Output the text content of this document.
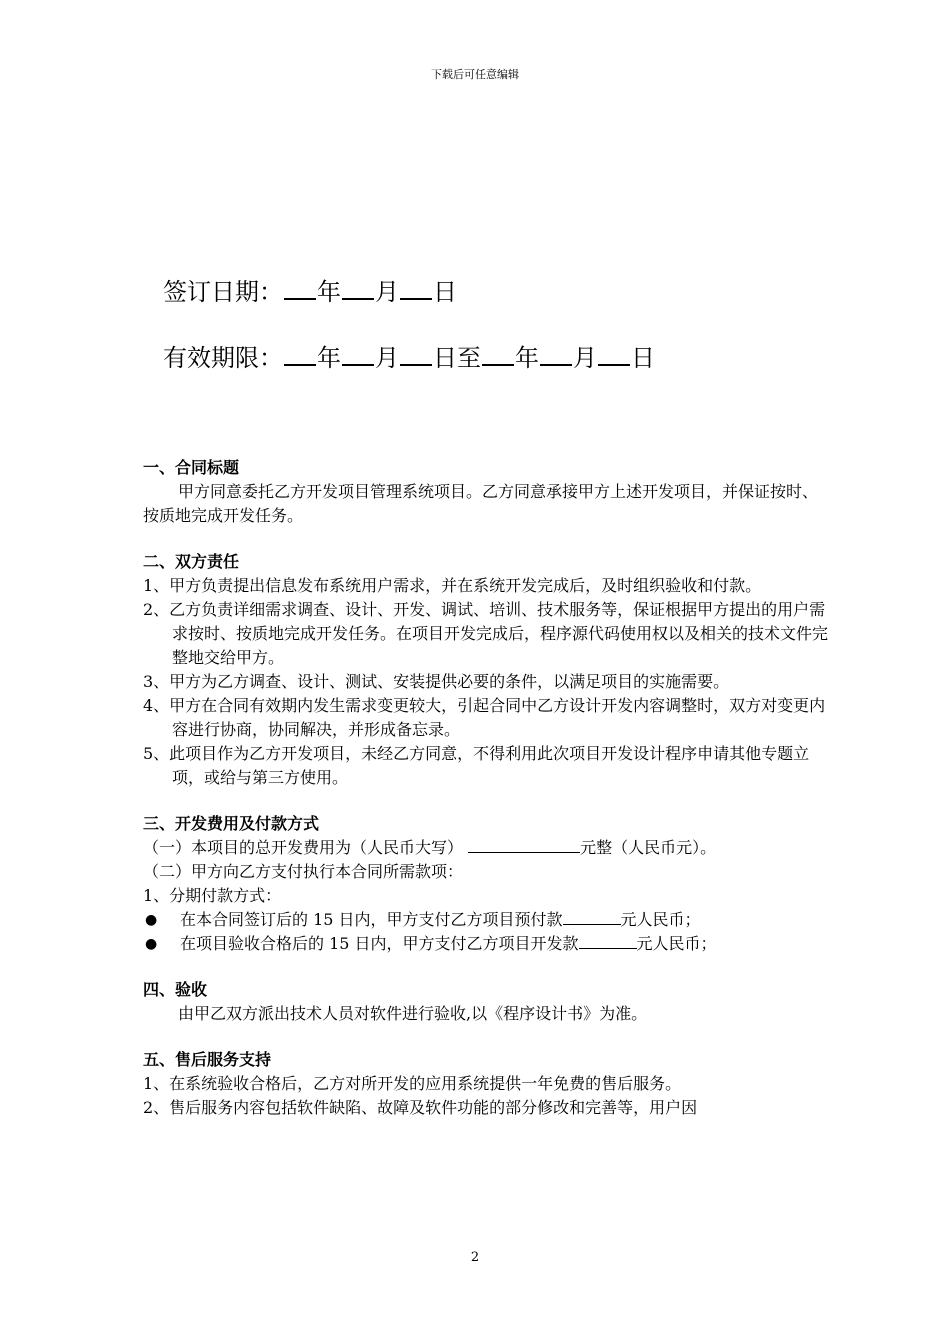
下载后可任意编辑
签订日期： 年 月 日
有效期限： 年 月 日至 年 月 日
一、合同标题
甲方同意委托乙方开发项目管理系统项目。乙方同意承接甲方上述开发项目，并保证按时、按质地完成开发任务。
二、双方责任
1、甲方负责提出信息发布系统用户需求，并在系统开发完成后，及时组织验收和付款。
2、乙方负责详细需求调查、设计、开发、调试、培训、技术服务等，保证根据甲方提出的用户需求按时、按质地完成开发任务。在项目开发完成后，程序源代码使用权以及相关的技术文件完整地交给甲方。
3、甲方为乙方调查、设计、测试、安装提供必要的条件，以满足项目的实施需要。
4、甲方在合同有效期内发生需求变更较大，引起合同中乙方设计开发内容调整时，双方对变更内容进行协商，协同解决，并形成备忘录。
5、此项目作为乙方开发项目，未经乙方同意，不得利用此次项目开发设计程序申请其他专题立项，或给与第三方使用。
三、开发费用及付款方式
（一）本项目的总开发费用为（人民币大写）	元整（人民币元）。
（二）甲方向乙方支付执行本合同所需款项：
1、分期付款方式：
●	在本合同签订后的 15 日内，甲方支付乙方项目预付款	元人民币；
●	在项目验收合格后的 15 日内，甲方支付乙方项目开发款	元人民币；
四、验收
由甲乙双方派出技术人员对软件进行验收,以《程序设计书》为准。
五、售后服务支持
1、在系统验收合格后，乙方对所开发的应用系统提供一年免费的售后服务。
2、售后服务内容包括软件缺陷、故障及软件功能的部分修改和完善等，用户因
2
